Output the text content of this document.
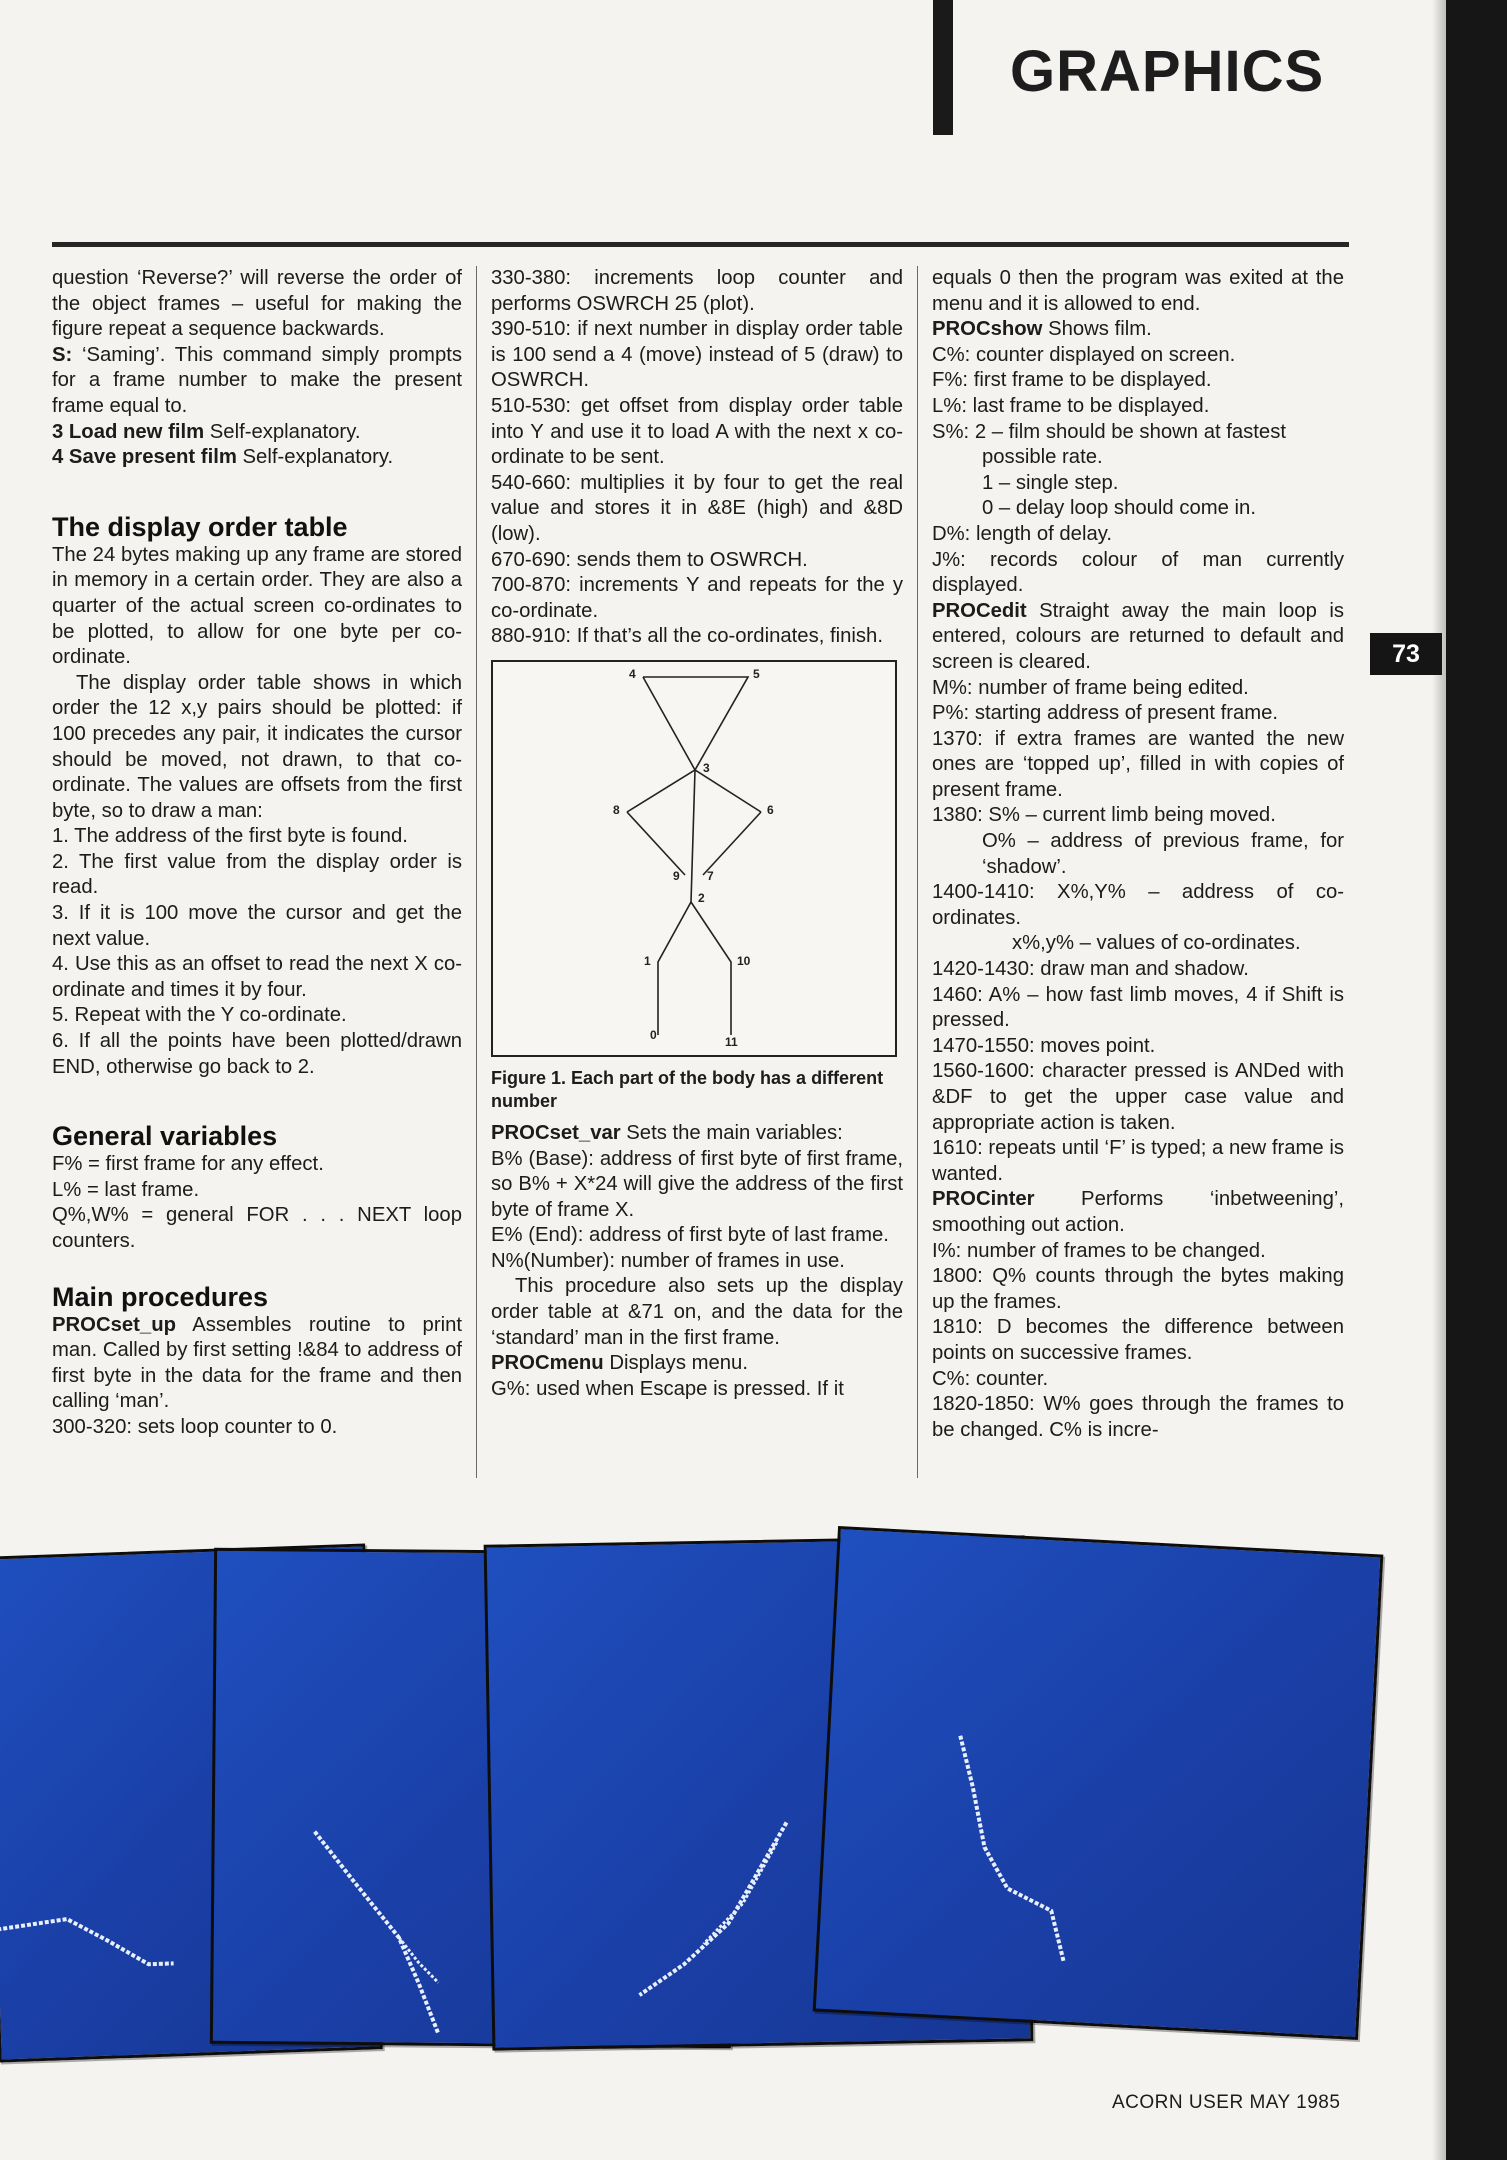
GRAPHICS
73

question ‘Reverse?’ will reverse the order of the object frames – useful for making the figure repeat a sequence backwards.

S: ‘Saming’. This command simply prompts for a frame number to make the present frame equal to.

3 Load new film Self-explanatory.

4 Save present film Self-explanatory.

The display order table

The 24 bytes making up any frame are stored in memory in a certain order. They are also a quarter of the actual screen co-ordinates to be plotted, to allow for one byte per co-ordinate.

The display order table shows in which order the 12 x,y pairs should be plotted: if 100 precedes any pair, it indicates the cursor should be moved, not drawn, to that co-ordinate. The values are offsets from the first byte, so to draw a man:

1. The address of the first byte is found.

2. The first value from the display order is read.

3. If it is 100 move the cursor and get the next value.

4. Use this as an offset to read the next X co-ordinate and times it by four.

5. Repeat with the Y co-ordinate.

6. If all the points have been plotted/drawn END, otherwise go back to 2.

General variables

F% = first frame for any effect.

L% = last frame.

Q%,W% = general FOR . . . NEXT loop counters.

Main procedures

PROCset_up Assembles routine to print man. Called by first setting !&84 to address of first byte in the data for the frame and then calling ‘man’.

300-320: sets loop counter to 0.

330-380: increments loop counter and performs OSWRCH 25 (plot).

390-510: if next number in display order table is 100 send a 4 (move) instead of 5 (draw) to OSWRCH.

510-530: get offset from display order table into Y and use it to load A with the next x co-ordinate to be sent.

540-660: multiplies it by four to get the real value and stores it in &8E (high) and &8D (low).

670-690: sends them to OSWRCH.

700-870: increments Y and repeats for the y co-ordinate.

880-910: If that’s all the co-ordinates, finish.

4	5
3
8	6
9 7
2
1	10
0	11
Figure 1. Each part of the body has a different number

PROCset_var Sets the main variables:

B% (Base): address of first byte of first frame, so B% + X*24 will give the address of the first byte of frame X.

E% (End): address of first byte of last frame.

N%(Number): number of frames in use.

This procedure also sets up the display order table at &71 on, and the data for the ‘standard’ man in the first frame.

PROCmenu Displays menu.

G%: used when Escape is pressed. If it

equals 0 then the program was exited at the menu and it is allowed to end.

PROCshow Shows film.

C%: counter displayed on screen.

F%: first frame to be displayed.

L%: last frame to be displayed.

S%: 2 – film should be shown at fastest

possible rate.

1 – single step.

0 – delay loop should come in.

D%: length of delay.

J%: records colour of man currently displayed.

PROCedit Straight away the main loop is entered, colours are returned to default and screen is cleared.

M%: number of frame being edited.

P%: starting address of present frame.

1370: if extra frames are wanted the new ones are ‘topped up’, filled in with copies of present frame.

1380: S% – current limb being moved.

O% – address of previous frame, for ‘shadow’.

1400-1410: X%,Y% – address of co-ordinates.

x%,y% – values of co-ordinates.

1420-1430: draw man and shadow.

1460: A% – how fast limb moves, 4 if Shift is pressed.

1470-1550: moves point.

1560-1600: character pressed is ANDed with &DF to get the upper case value and appropriate action is taken.

1610: repeats until ‘F’ is typed; a new frame is wanted.

PROCinter Performs ‘inbetweening’, smoothing out action.

I%: number of frames to be changed.

1800: Q% counts through the bytes making up the frames.

1810: D becomes the difference between points on successive frames.

C%: counter.

1820-1850: W% goes through the frames to be changed. C% is incre-

ACORN USER MAY 1985
